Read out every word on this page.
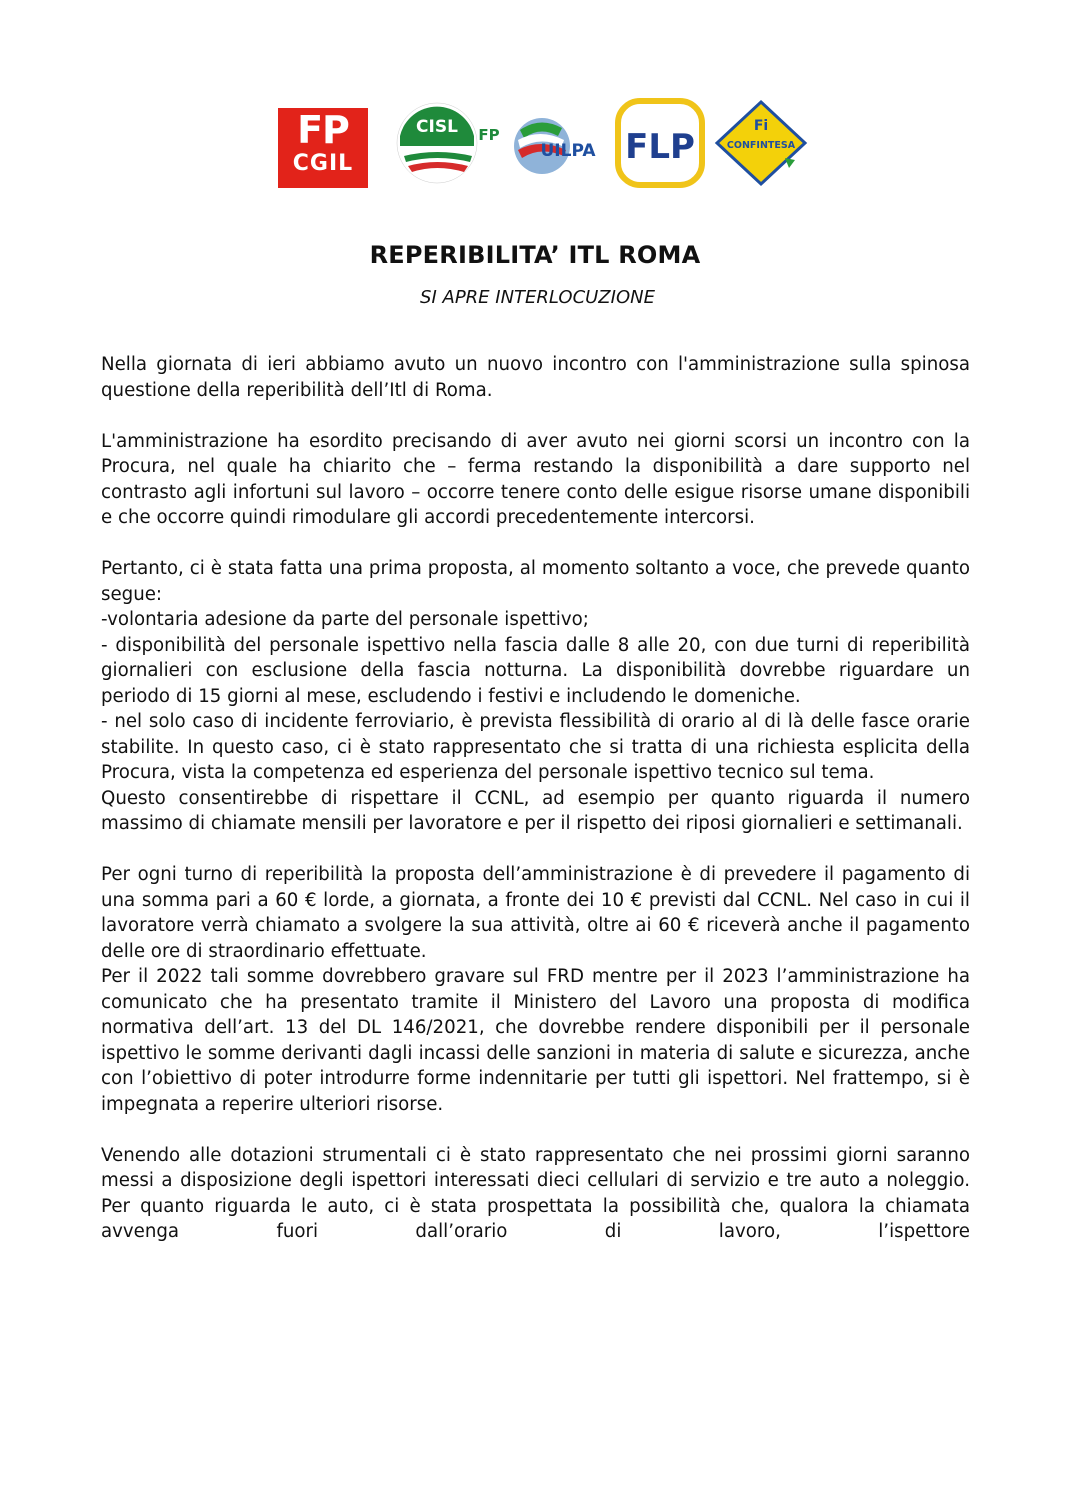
FP
CGIL
CISL FP
UILPA FLP
Fi
CONFINTESA
REPERIBILITA’ ITL ROMA
SI APRE INTERLOCUZIONE

Nella giornata di ieri abbiamo avuto un nuovo incontro con l'amministrazione sulla spinosa questione della reperibilità dell’Itl di Roma.

L'amministrazione ha esordito precisando di aver avuto nei giorni scorsi un incontro con la Procura, nel quale ha chiarito che – ferma restando la disponibilità a dare supporto nel contrasto agli infortuni sul lavoro – occorre tenere conto delle esigue risorse umane disponibili e che occorre quindi rimodulare gli accordi precedentemente intercorsi.

Pertanto, ci è stata fatta una prima proposta, al momento soltanto a voce, che prevede quanto segue:

-volontaria adesione da parte del personale ispettivo;

- disponibilità del personale ispettivo nella fascia dalle 8 alle 20, con due turni di reperibilità giornalieri con esclusione della fascia notturna. La disponibilità dovrebbe riguardare un periodo di 15 giorni al mese, escludendo i festivi e includendo le domeniche.

- nel solo caso di incidente ferroviario, è prevista flessibilità di orario al di là delle fasce orarie stabilite. In questo caso, ci è stato rappresentato che si tratta di una richiesta esplicita della Procura, vista la competenza ed esperienza del personale ispettivo tecnico sul tema.

Questo consentirebbe di rispettare il CCNL, ad esempio per quanto riguarda il numero massimo di chiamate mensili per lavoratore e per il rispetto dei riposi giornalieri e settimanali.

Per ogni turno di reperibilità la proposta dell’amministrazione è di prevedere il pagamento di una somma pari a 60 € lorde, a giornata, a fronte dei 10 € previsti dal CCNL. Nel caso in cui il lavoratore verrà chiamato a svolgere la sua attività, oltre ai 60 € riceverà anche il pagamento delle ore di straordinario effettuate.

Per il 2022 tali somme dovrebbero gravare sul FRD mentre per il 2023 l’amministrazione ha comunicato che ha presentato tramite il Ministero del Lavoro una proposta di modifica normativa dell’art. 13 del DL 146/2021, che dovrebbe rendere disponibili per il personale ispettivo le somme derivanti dagli incassi delle sanzioni in materia di salute e sicurezza, anche con l’obiettivo di poter introdurre forme indennitarie per tutti gli ispettori. Nel frattempo, si è impegnata a reperire ulteriori risorse.

Venendo alle dotazioni strumentali ci è stato rappresentato che nei prossimi giorni saranno messi a disposizione degli ispettori interessati dieci cellulari di servizio e tre auto a noleggio. Per quanto riguarda le auto, ci è stata prospettata la possibilità che, qualora la chiamata avvenga fuori dall’orario di lavoro, l’ispettore
